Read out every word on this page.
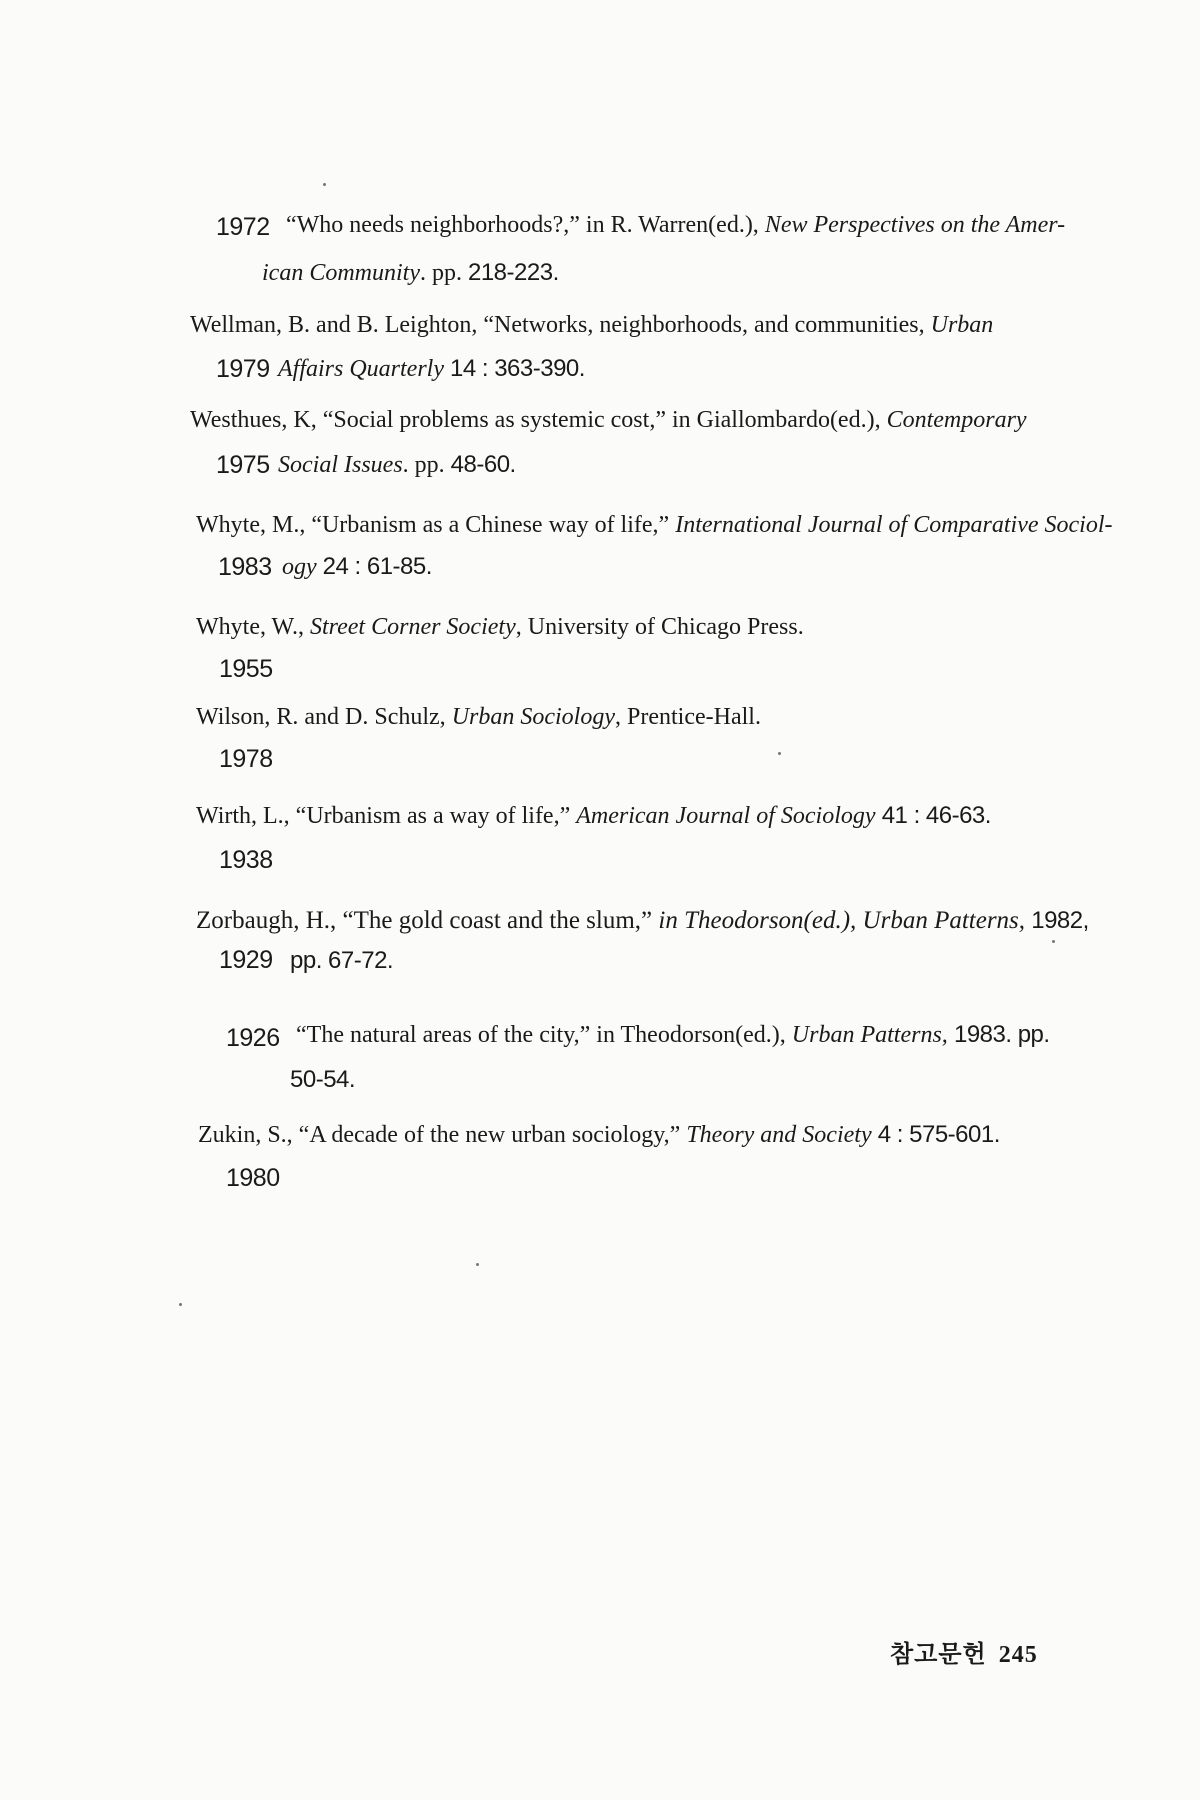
1972 “Who needs neighborhoods?,” in R. Warren(ed.), New Perspectives on the Amer-
ican Community. pp. 218-223.
Wellman, B. and B. Leighton, “Networks, neighborhoods, and communities, Urban
1979 Affairs Quarterly 14 : 363-390.
Westhues, K, “Social problems as systemic cost,” in Giallombardo(ed.), Contemporary
1975 Social Issues. pp. 48-60.
Whyte, M., “Urbanism as a Chinese way of life,” International Journal of Comparative Sociol-
1983 ogy 24 : 61-85.
Whyte, W., Street Corner Society, University of Chicago Press.
1955
Wilson, R. and D. Schulz, Urban Sociology, Prentice-Hall.
1978
Wirth, L., “Urbanism as a way of life,” American Journal of Sociology 41 : 46-63.
1938
Zorbaugh, H., “The gold coast and the slum,” in Theodorson(ed.), Urban Patterns, 1982,
1929 pp. 67-72.
1926 “The natural areas of the city,” in Theodorson(ed.), Urban Patterns, 1983. pp.
50-54.
Zukin, S., “A decade of the new urban sociology,” Theory and Society 4 : 575-601.
1980
참고문헌 245
